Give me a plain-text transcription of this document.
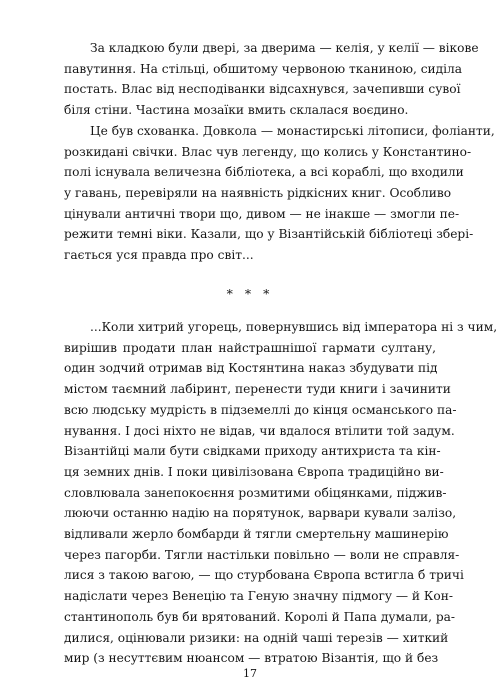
За кладкою були двері, за дверима — келія, у келії — вікове
павутиння. На стільці, обшитому червоною тканиною, сиділа
постать. Влас від несподіванки відсахнувся, зачепивши сувої
біля стіни. Частина мозаїки вмить склалася воєдино.
Це був схованка. Довкола — монастирські літописи, фоліанти,
розкидані свічки. Влас чув легенду, що колись у Константино-
полі існувала величезна бібліотека, а всі кораблі, що входили
у гавань, перевіряли на наявність рідкісних книг. Особливо
цінували античні твори що, дивом — не інакше — змогли пе-
режити темні віки. Казали, що у Візантійській бібліотеці збері-
гається уся правда про світ...
* * *
...Коли хитрий угорець, повернувшись від імператора ні з чим,
вирішив продати план найстрашнішої гармати султану,
один зодчий отримав від Костянтина наказ збудувати під
містом таємний лабіринт, перенести туди книги і зачинити
всю людську мудрість в підземеллі до кінця османського па-
нування. І досі ніхто не відав, чи вдалося втілити той задум.
Візантійці мали бути свідками приходу антихриста та кін-
ця земних днів. І поки цивілізована Європа традиційно ви-
словлювала занепокоєння розмитими обіцянками, піджив-
люючи останню надію на порятунок, варвари кували залізо,
відливали жерло бомбарди й тягли смертельну машинерію
через пагорби. Тягли настільки повільно — воли не справля-
лися з такою вагою, — що стурбована Європа встигла б тричі
надіслати через Венецію та Геную значну підмогу — й Кон-
стантинополь був би врятований. Королі й Папа думали, ра-
дилися, оцінювали ризики: на одній чаші терезів — хиткий
мир (з несуттєвим нюансом — втратою Візантія, що й без
17
